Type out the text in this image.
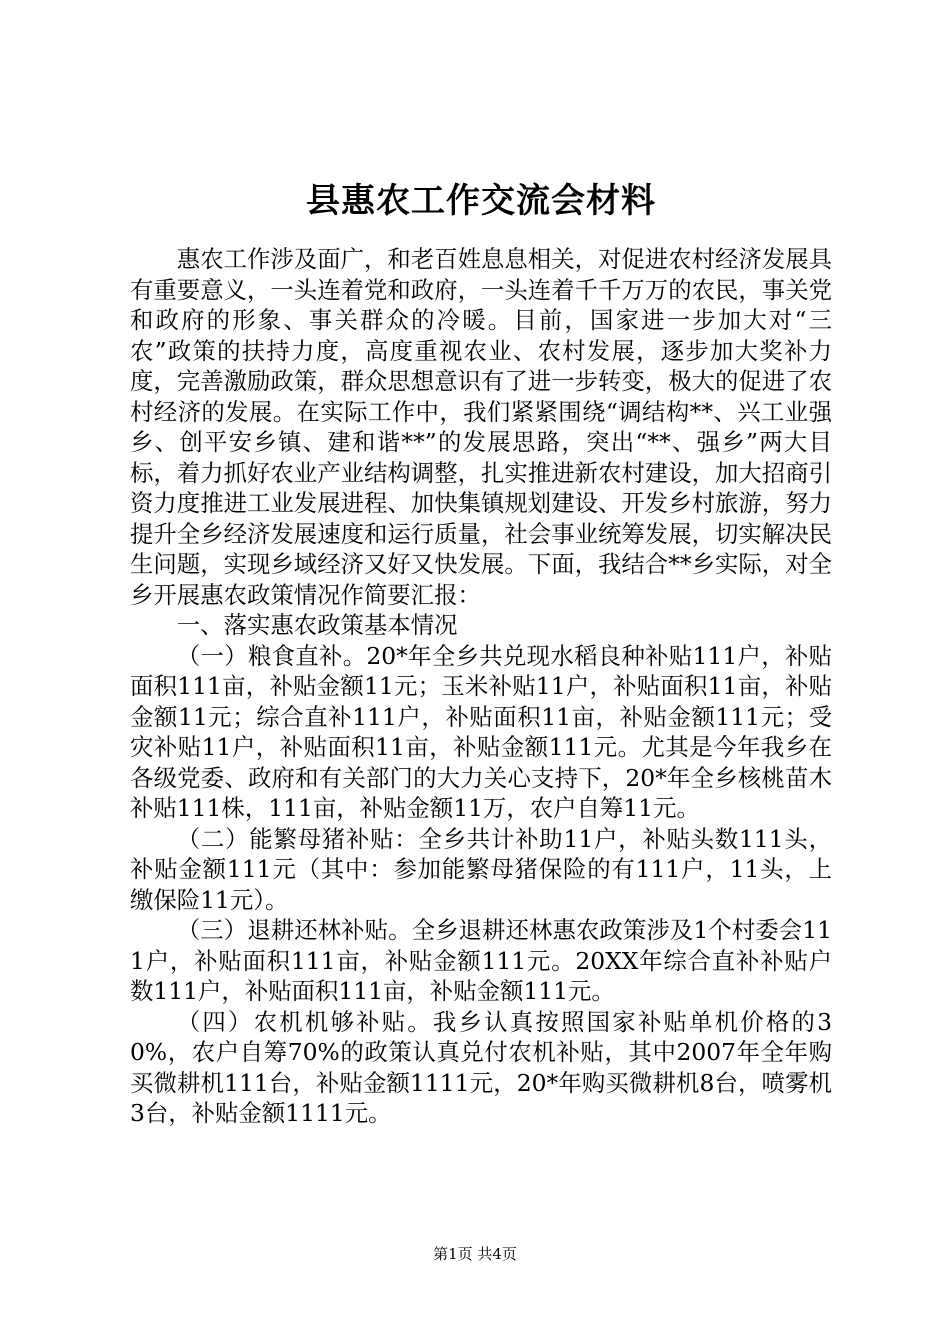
县惠农工作交流会材料

惠农工作涉及面广，和老百姓息息相关，对促进农村经济发展具有重要意义，一头连着党和政府，一头连着千千万万的农民，事关党和政府的形象、事关群众的冷暖。目前，国家进一步加大对“三农”政策的扶持力度，高度重视农业、农村发展，逐步加大奖补力度，完善激励政策，群众思想意识有了进一步转变，极大的促进了农村经济的发展。在实际工作中，我们紧紧围绕“调结构**、兴工业强乡、创平安乡镇、建和谐**”的发展思路，突出“**、强乡”两大目标，着力抓好农业产业结构调整，扎实推进新农村建设，加大招商引资力度推进工业发展进程、加快集镇规划建设、开发乡村旅游，努力提升全乡经济发展速度和运行质量，社会事业统筹发展，切实解决民生问题，实现乡域经济又好又快发展。下面，我结合**乡实际，对全乡开展惠农政策情况作简要汇报：

一、落实惠农政策基本情况

（一）粮食直补。20*年全乡共兑现水稻良种补贴111户，补贴面积111亩，补贴金额11元；玉米补贴11户，补贴面积11亩，补贴金额11元；综合直补111户，补贴面积11亩，补贴金额111元；受灾补贴11户，补贴面积11亩，补贴金额111元。尤其是今年我乡在各级党委、政府和有关部门的大力关心支持下，20*年全乡核桃苗木补贴111株，111亩，补贴金额11万，农户自筹11元。

（二）能繁母猪补贴：全乡共计补助11户，补贴头数111头，补贴金额111元（其中：参加能繁母猪保险的有111户，11头，上缴保险11元）。

（三）退耕还林补贴。全乡退耕还林惠农政策涉及1个村委会111户，补贴面积111亩，补贴金额111元。20XX年综合直补补贴户数111户，补贴面积111亩，补贴金额111元。

（四）农机机够补贴。我乡认真按照国家补贴单机价格的30%，农户自筹70%的政策认真兑付农机补贴，其中2007年全年购买微耕机111台，补贴金额1111元，20*年购买微耕机8台，喷雾机3台，补贴金额1111元。

第1页 共4页
